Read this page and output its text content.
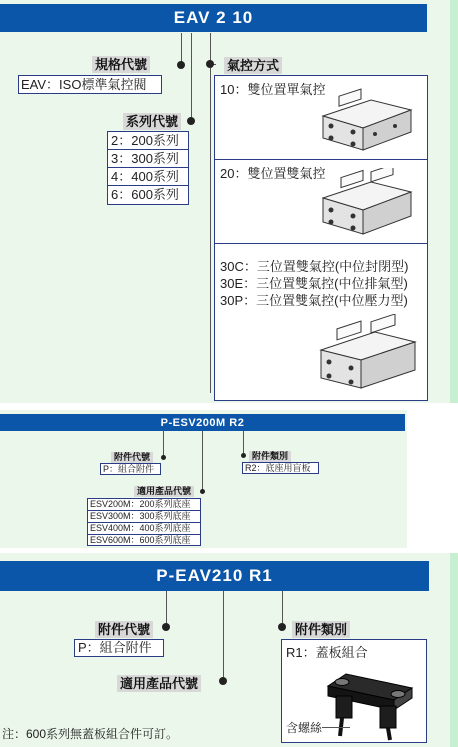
EAV 2 10
規格代號
EAV：ISO標準氣控閥
系列代號
2：200系列
3：300系列
4：400系列
6：600系列
氣控方式
10：雙位置單氣控
20：雙位置雙氣控
30C：三位置雙氣控(中位封閉型)
30E：三位置雙氣控(中位排氣型)
30P：三位置雙氣控(中位壓力型)
P-ESV200M R2
附件代號
P：組合附件
附件類別
R2：底座用盲板
適用產品代號
ESV200M：200系列底座
ESV300M：300系列底座
ESV400M：400系列底座
ESV600M：600系列底座
P-EAV210 R1
附件代號
P：組合附件
附件類別
適用產品代號
R1：蓋板組合
含螺絲
注：600系列無蓋板組合件可訂。
